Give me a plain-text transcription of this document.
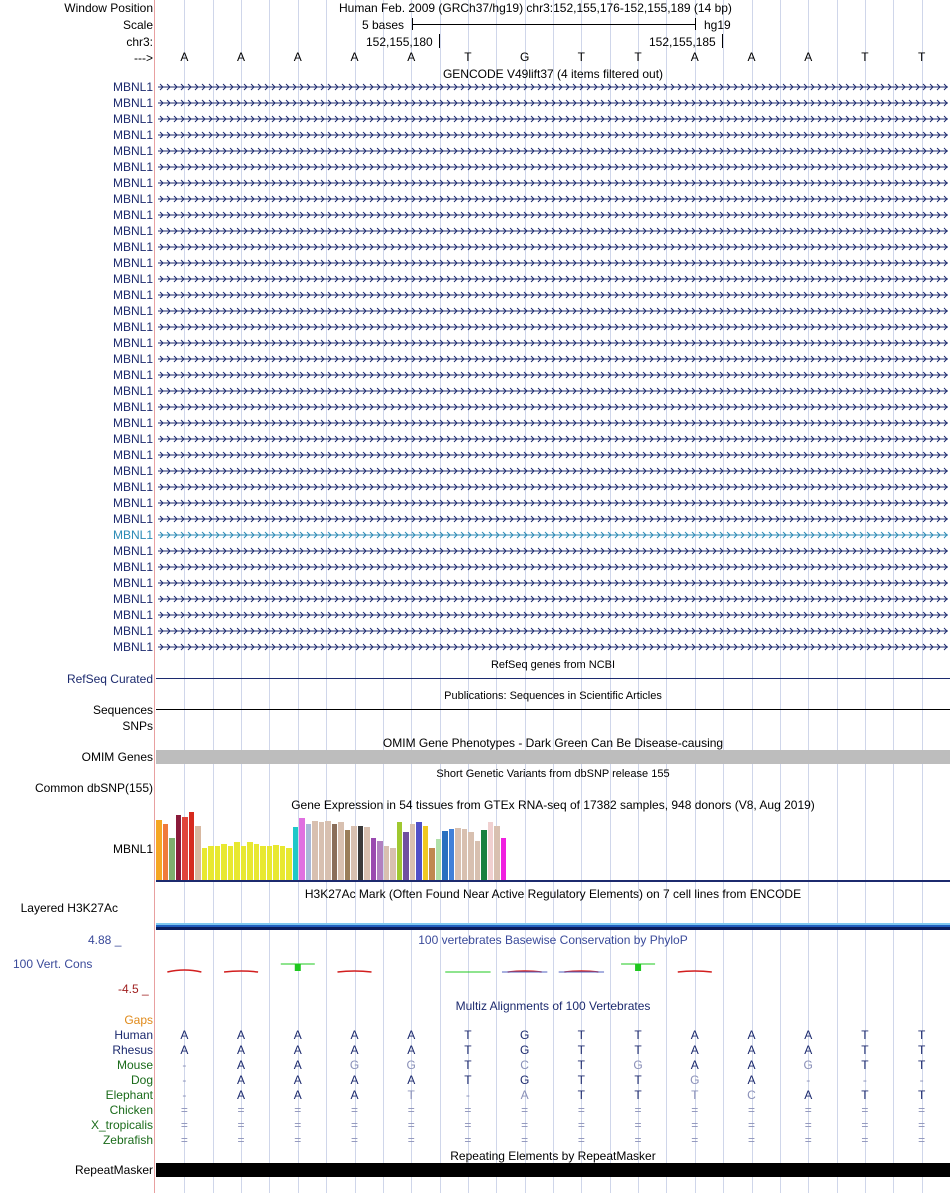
Window Position
Scale
chr3:
--->
Human Feb. 2009 (GRCh37/hg19) chr3:152,155,176-152,155,189 (14 bp)
5 bases	hg19
152,155,180	152,155,185
A	A	A	A	A	T	G	T	T	A	A	A	T	T
GENCODE V49lift37 (4 items filtered out)
MBNL1
MBNL1
MBNL1
MBNL1
MBNL1
MBNL1
MBNL1
MBNL1
MBNL1
MBNL1
MBNL1
MBNL1
MBNL1
MBNL1
MBNL1
MBNL1
MBNL1
MBNL1
MBNL1
MBNL1
MBNL1
MBNL1
MBNL1
MBNL1
MBNL1
MBNL1
MBNL1
MBNL1
MBNL1
MBNL1
MBNL1
MBNL1
MBNL1
MBNL1
MBNL1
MBNL1
RefSeq genes from NCBI
RefSeq Curated
Publications: Sequences in Scientific Articles
Sequences
SNPs
OMIM Gene Phenotypes - Dark Green Can Be Disease-causing
OMIM Genes
Short Genetic Variants from dbSNP release 155
Common dbSNP(155)
Gene Expression in 54 tissues from GTEx RNA-seq of 17382 samples, 948 donors (V8, Aug 2019)
MBNL1
H3K27Ac Mark (Often Found Near Active Regulatory Elements) on 7 cell lines from ENCODE
Layered H3K27Ac
100 vertebrates Basewise Conservation by PhyloP
4.88 _
100 Vert. Cons
-4.5 _
Multiz Alignments of 100 Vertebrates
Gaps
Human	A	A	A	A	A	T	G	T	T	A	A	A	T	T
Rhesus	A	A	A	A	A	T	G	T	T	A	A	A	T	T
Mouse	-	A	A	G	G	T	C	T	G	A	A	G	T	T
Dog	-	A	A	A	A	T	G	T	T	G	A	-	-	-
Elephant	-	A	A	A	T	-	A	T	T	T	C	A	T	T
Chicken	=	=	=	=	=	=	=	=	=	=	=	=	=	=
X_tropicalis	=	=	=	=	=	=	=	=	=	=	=	=	=	=
Zebrafish	=	=	=	=	=	=	=	=	=	=	=	=	=	=
Repeating Elements by RepeatMasker
RepeatMasker
